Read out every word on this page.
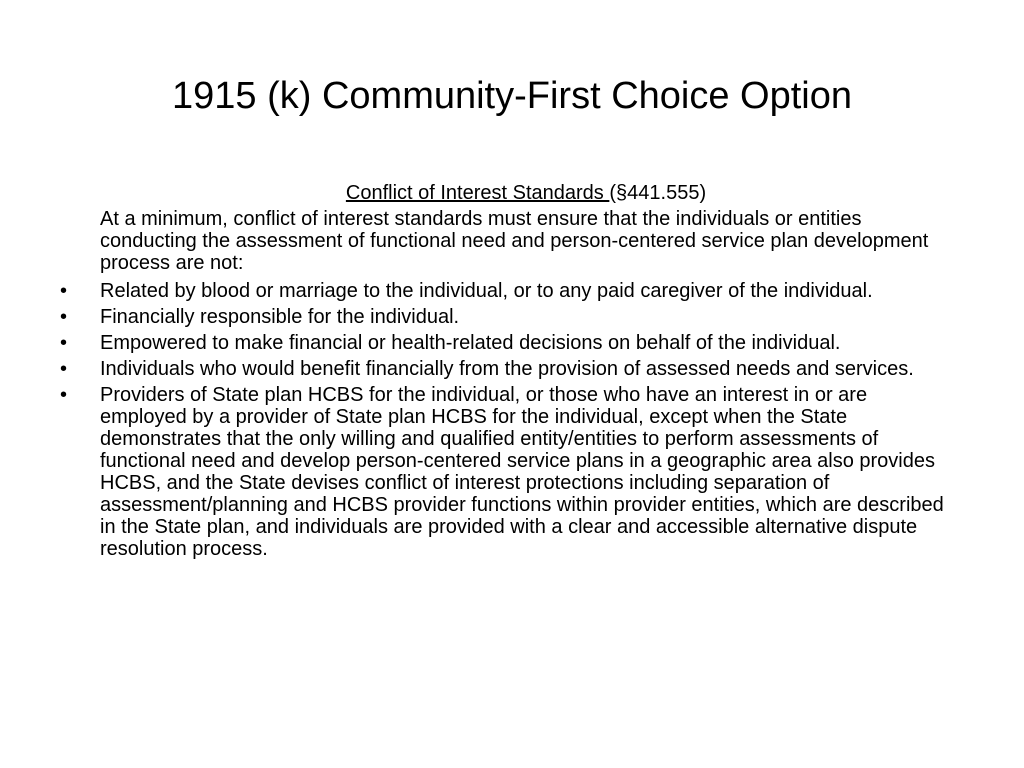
1915 (k) Community-First Choice Option

Conflict of Interest Standards (§441.555)

At a minimum, conflict of interest standards must ensure that the individuals or entities conducting the assessment of functional need and person-centered service plan development process are not:

•	Related by blood or marriage to the individual, or to any paid caregiver of the individual.
•	Financially responsible for the individual.
•	Empowered to make financial or health-related decisions on behalf of the individual.
•	Individuals who would benefit financially from the provision of assessed needs and services.
•	Providers of State plan HCBS for the individual, or those who have an interest in or are employed by a provider of State plan HCBS for the individual, except when the State demonstrates that the only willing and qualified entity/entities to perform assessments of functional need and develop person-centered service plans in a geographic area also provides HCBS, and the State devises conflict of interest protections including separation of assessment/planning and HCBS provider functions within provider entities, which are described in the State plan, and individuals are provided with a clear and accessible alternative dispute resolution process.
